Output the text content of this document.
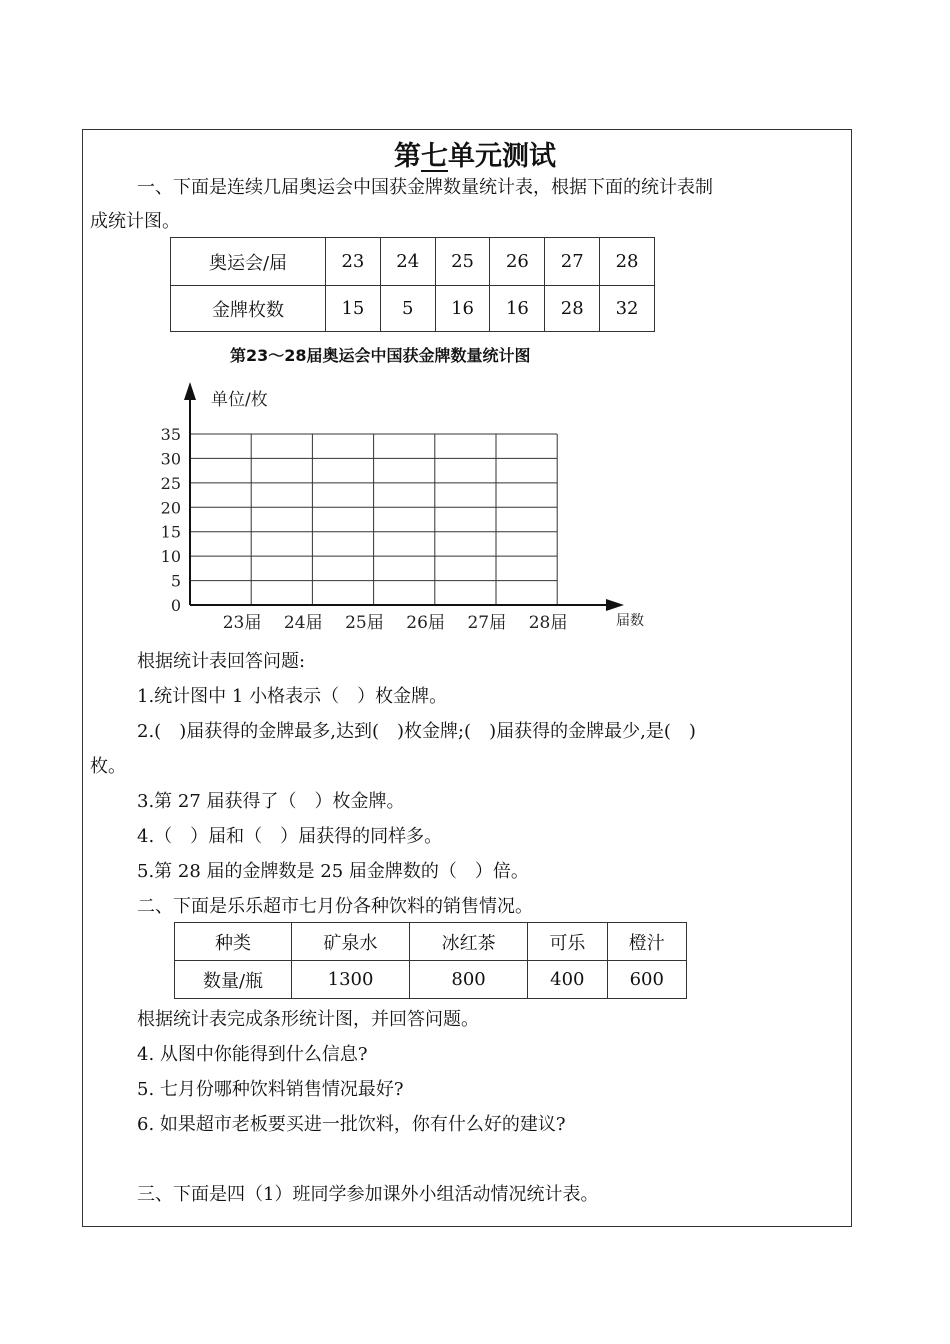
第七单元测试
一、下面是连续几届奥运会中国获金牌数量统计表，根据下面的统计表制
成统计图。
奥运会/届	23	24	25	26	27	28
金牌枚数	15	5	16	16	28	32
第23～28届奥运会中国获金牌数量统计图
0
5
10
15
20
25
30
35
单位/枚
届数
23届 24届 25届 26届 27届 28届
根据统计表回答问题:
1.统计图中 1 小格表示（　）枚金牌。
2.(　)届获得的金牌最多,达到(　)枚金牌;(　)届获得的金牌最少,是(　)
枚。
3.第 27 届获得了（　）枚金牌。
4.（　）届和（　）届获得的同样多。
5.第 28 届的金牌数是 25 届金牌数的（　）倍。
二、下面是乐乐超市七月份各种饮料的销售情况。
种类	矿泉水	冰红茶	可乐	橙汁
数量/瓶	1300	800	400	600
根据统计表完成条形统计图，并回答问题。
4. 从图中你能得到什么信息?
5. 七月份哪种饮料销售情况最好?
6. 如果超市老板要买进一批饮料，你有什么好的建议?
三、下面是四（1）班同学参加课外小组活动情况统计表。
